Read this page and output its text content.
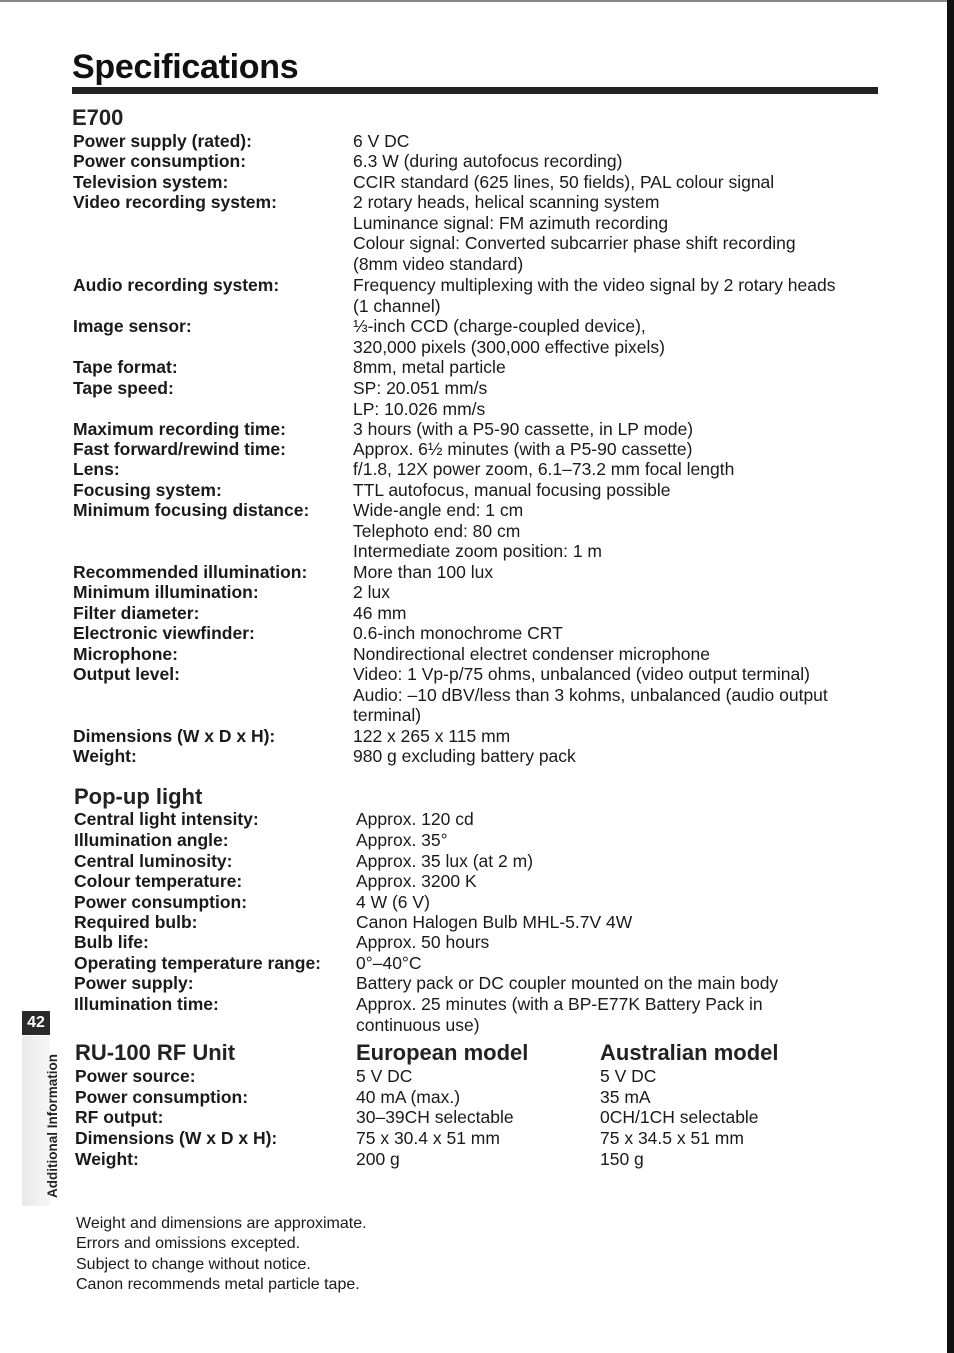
Specifications
E700
Power supply (rated):	6 V DC
Power consumption:	6.3 W (during autofocus recording)
Television system:	CCIR standard (625 lines, 50 fields), PAL colour signal
Video recording system:	2 rotary heads, helical scanning system
Luminance signal: FM azimuth recording
Colour signal: Converted subcarrier phase shift recording
(8mm video standard)
Audio recording system:	Frequency multiplexing with the video signal by 2 rotary heads
(1 channel)
Image sensor:	⅓-inch CCD (charge-coupled device),
320,000 pixels (300,000 effective pixels)
Tape format:	8mm, metal particle
Tape speed:	SP: 20.051 mm/s
LP: 10.026 mm/s
Maximum recording time:	3 hours (with a P5-90 cassette, in LP mode)
Fast forward/rewind time:	Approx. 6½ minutes (with a P5-90 cassette)
Lens:	f/1.8, 12X power zoom, 6.1–73.2 mm focal length
Focusing system:	TTL autofocus, manual focusing possible
Minimum focusing distance: Wide-angle end: 1 cm
Telephoto end: 80 cm
Intermediate zoom position: 1 m
Recommended illumination:	More than 100 lux
Minimum illumination:	2 lux
Filter diameter:	46 mm
Electronic viewfinder:	0.6-inch monochrome CRT
Microphone:	Nondirectional electret condenser microphone
Output level:	Video: 1 Vp-p/75 ohms, unbalanced (video output terminal)
Audio: –10 dBV/less than 3 kohms, unbalanced (audio output
terminal)
Dimensions (W x D x H):	122 x 265 x 115 mm
Weight:	980 g excluding battery pack
Pop-up light
Central light intensity:	Approx. 120 cd
Illumination angle:	Approx. 35°
Central luminosity:	Approx. 35 lux (at 2 m)
Colour temperature:	Approx. 3200 K
Power consumption:	4 W (6 V)
Required bulb:	Canon Halogen Bulb MHL-5.7V 4W
Bulb life:	Approx. 50 hours
Operating temperature range: 0°–40°C
Power supply:	Battery pack or DC coupler mounted on the main body
Illumination time:	Approx. 25 minutes (with a BP-E77K Battery Pack in
continuous use)
RU-100 RF Unit	European model	Australian model
Power source:	5 V DC	5 V DC
Power consumption:	40 mA (max.)	35 mA
RF output:	30–39CH selectable	0CH/1CH selectable
Dimensions (W x D x H):	75 x 30.4 x 51 mm	75 x 34.5 x 51 mm
Weight:	200 g	150 g
42
Additional Information
Weight and dimensions are approximate.
Errors and omissions excepted.
Subject to change without notice.
Canon recommends metal particle tape.
